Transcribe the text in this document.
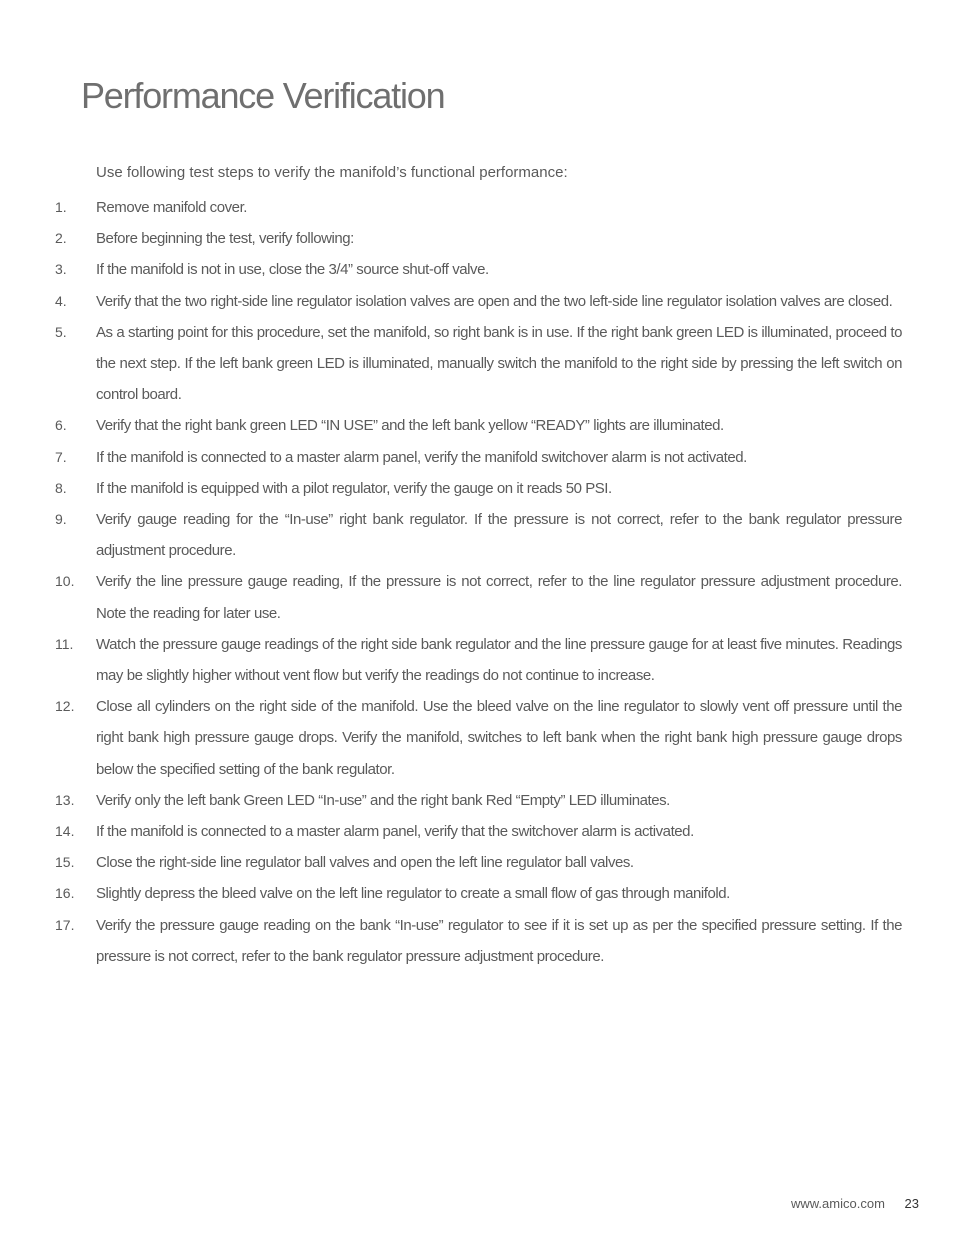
Performance Verification

Use following test steps to verify the manifold’s functional performance:

1. Remove manifold cover.
2. Before beginning the test, verify following:
3. If the manifold is not in use, close the 3/4” source shut-off valve.
4. Verify that the two right-side line regulator isolation valves are open and the two left-side line regulator isolation valves are closed.
5. As a starting point for this procedure, set the manifold, so right bank is in use. If the right bank green LED is illuminated, proceed to the next step. If the left bank green LED is illuminated, manually switch the manifold to the right side by pressing the left switch on control board.
6. Verify that the right bank green LED “IN USE” and the left bank yellow “READY” lights are illuminated.
7. If the manifold is connected to a master alarm panel, verify the manifold switchover alarm is not activated.
8. If the manifold is equipped with a pilot regulator, verify the gauge on it reads 50 PSI.
9. Verify gauge reading for the “In-use” right bank regulator. If the pressure is not correct, refer to the bank regulator pressure adjustment procedure.
10. Verify the line pressure gauge reading, If the pressure is not correct, refer to the line regulator pressure adjustment procedure. Note the reading for later use.
11. Watch the pressure gauge readings of the right side bank regulator and the line pressure gauge for at least five minutes. Readings may be slightly higher without vent flow but verify the readings do not continue to increase.
12. Close all cylinders on the right side of the manifold. Use the bleed valve on the line regulator to slowly vent off pressure until the right bank high pressure gauge drops. Verify the manifold, switches to left bank when the right bank high pressure gauge drops below the specified setting of the bank regulator.
13. Verify only the left bank Green LED “In-use” and the right bank Red “Empty” LED illuminates.
14. If the manifold is connected to a master alarm panel, verify that the switchover alarm is activated.
15. Close the right-side line regulator ball valves and open the left line regulator ball valves.
16. Slightly depress the bleed valve on the left line regulator to create a small flow of gas through manifold.
17. Verify the pressure gauge reading on the bank “In-use” regulator to see if it is set up as per the specified pressure setting. If the pressure is not correct, refer to the bank regulator pressure adjustment procedure.
www.amico.com 23
